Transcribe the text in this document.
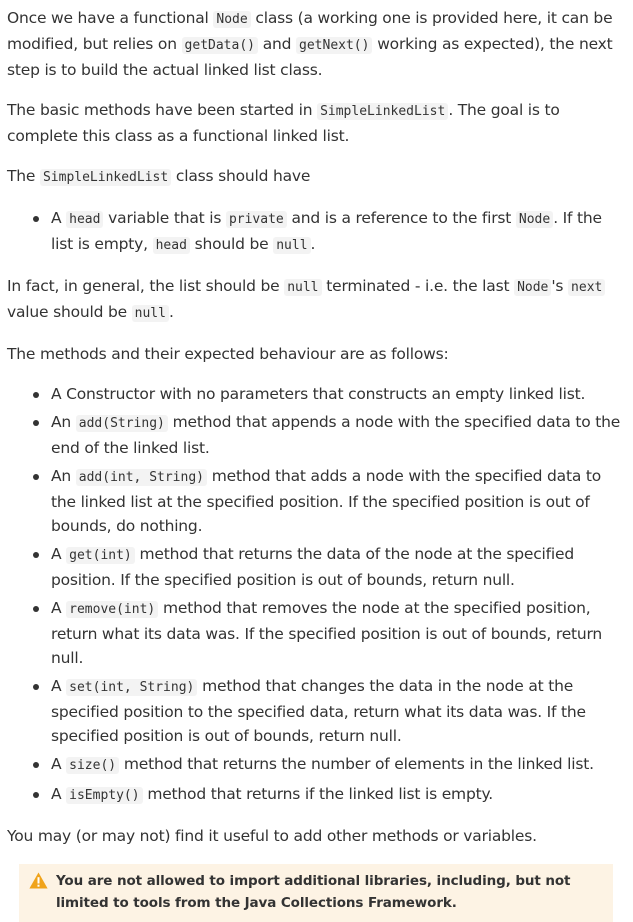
Once we have a functional Node class (a working one is provided here, it can be modified, but relies on getData() and getNext() working as expected), the next step is to build the actual linked list class.

The basic methods have been started in SimpleLinkedList . The goal is to complete this class as a functional linked list.

The SimpleLinkedList class should have

A head variable that is private and is a reference to the first Node . If the list is empty, head should be null .

In fact, in general, the list should be null terminated - i.e. the last Node 's next value should be null .

The methods and their expected behaviour are as follows:

A Constructor with no parameters that constructs an empty linked list.
An add(String) method that appends a node with the specified data to the end of the linked list.
An add(int, String) method that adds a node with the specified data to the linked list at the specified position. If the specified position is out of bounds, do nothing.
A get(int) method that returns the data of the node at the specified position. If the specified position is out of bounds, return null.
A remove(int) method that removes the node at the specified position, return what its data was. If the specified position is out of bounds, return null.
A set(int, String) method that changes the data in the node at the specified position to the specified data, return what its data was. If the specified position is out of bounds, return null.
A size() method that returns the number of elements in the linked list.
A isEmpty() method that returns if the linked list is empty.

You may (or may not) find it useful to add other methods or variables.

You are not allowed to import additional libraries, including, but not limited to tools from the Java Collections Framework.
